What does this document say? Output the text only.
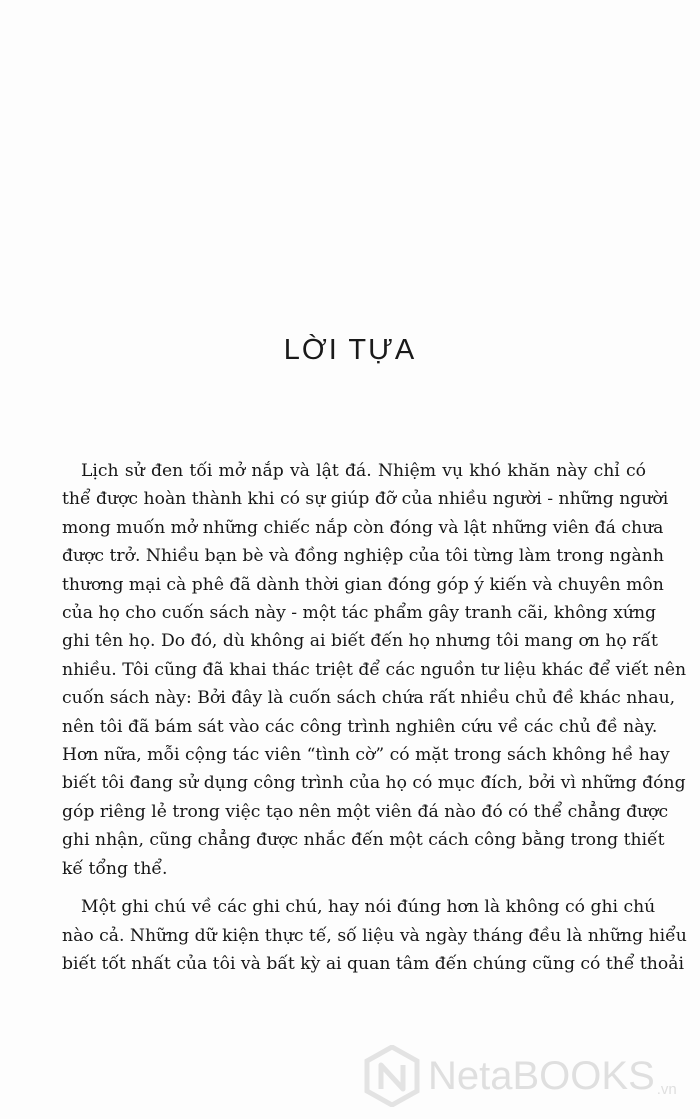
LỜI TỰA

Lịch sử đen tối mở nắp và lật đá. Nhiệm vụ khó khăn này chỉ có
thể được hoàn thành khi có sự giúp đỡ của nhiều người - những người
mong muốn mở những chiếc nắp còn đóng và lật những viên đá chưa
được trở. Nhiều bạn bè và đồng nghiệp của tôi từng làm trong ngành
thương mại cà phê đã dành thời gian đóng góp ý kiến và chuyên môn
của họ cho cuốn sách này - một tác phẩm gây tranh cãi, không xứng
ghi tên họ. Do đó, dù không ai biết đến họ nhưng tôi mang ơn họ rất
nhiều. Tôi cũng đã khai thác triệt để các nguồn tư liệu khác để viết nên
cuốn sách này: Bởi đây là cuốn sách chứa rất nhiều chủ đề khác nhau,
nên tôi đã bám sát vào các công trình nghiên cứu về các chủ đề này.
Hơn nữa, mỗi cộng tác viên “tình cờ” có mặt trong sách không hề hay
biết tôi đang sử dụng công trình của họ có mục đích, bởi vì những đóng
góp riêng lẻ trong việc tạo nên một viên đá nào đó có thể chẳng được
ghi nhận, cũng chẳng được nhắc đến một cách công bằng trong thiết
kế tổng thể.

Một ghi chú về các ghi chú, hay nói đúng hơn là không có ghi chú
nào cả. Những dữ kiện thực tế, số liệu và ngày tháng đều là những hiểu
biết tốt nhất của tôi và bất kỳ ai quan tâm đến chúng cũng có thể thoải

NetaBOOKS .vn
